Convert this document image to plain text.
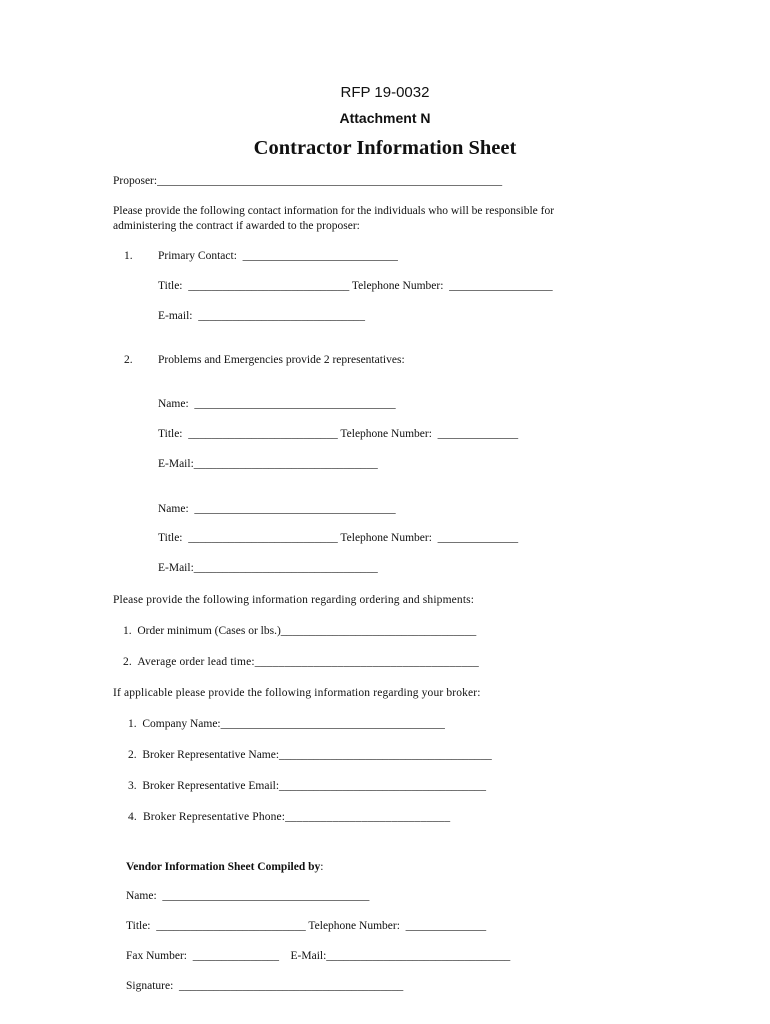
RFP 19-0032
Attachment N
Contractor Information Sheet
Proposer:____________________________________________________________
Please provide the following contact information for the individuals who will be responsible for
administering the contract if awarded to the proposer:
1. Primary Contact:  ___________________________
Title:  ____________________________ Telephone Number:  __________________
E-mail:  _____________________________
2. Problems and Emergencies provide 2 representatives:
Name:  ___________________________________
Title:  __________________________ Telephone Number:  ______________
E-Mail:________________________________
Name:  ___________________________________
Title:  __________________________ Telephone Number:  ______________
E-Mail:________________________________
Please provide the following information regarding ordering and shipments:
1.  Order minimum (Cases or lbs.)__________________________________
2.  Average order lead time:______________________________________
If applicable please provide the following information regarding your broker:
1.  Company Name:_______________________________________
2.  Broker Representative Name:_____________________________________
3.  Broker Representative Email:____________________________________
4.  Broker Representative Phone:____________________________
Vendor Information Sheet Compiled by:
Name:  ____________________________________
Title:  __________________________ Telephone Number:  ______________
Fax Number:  _______________    E-Mail:________________________________
Signature:  _______________________________________
